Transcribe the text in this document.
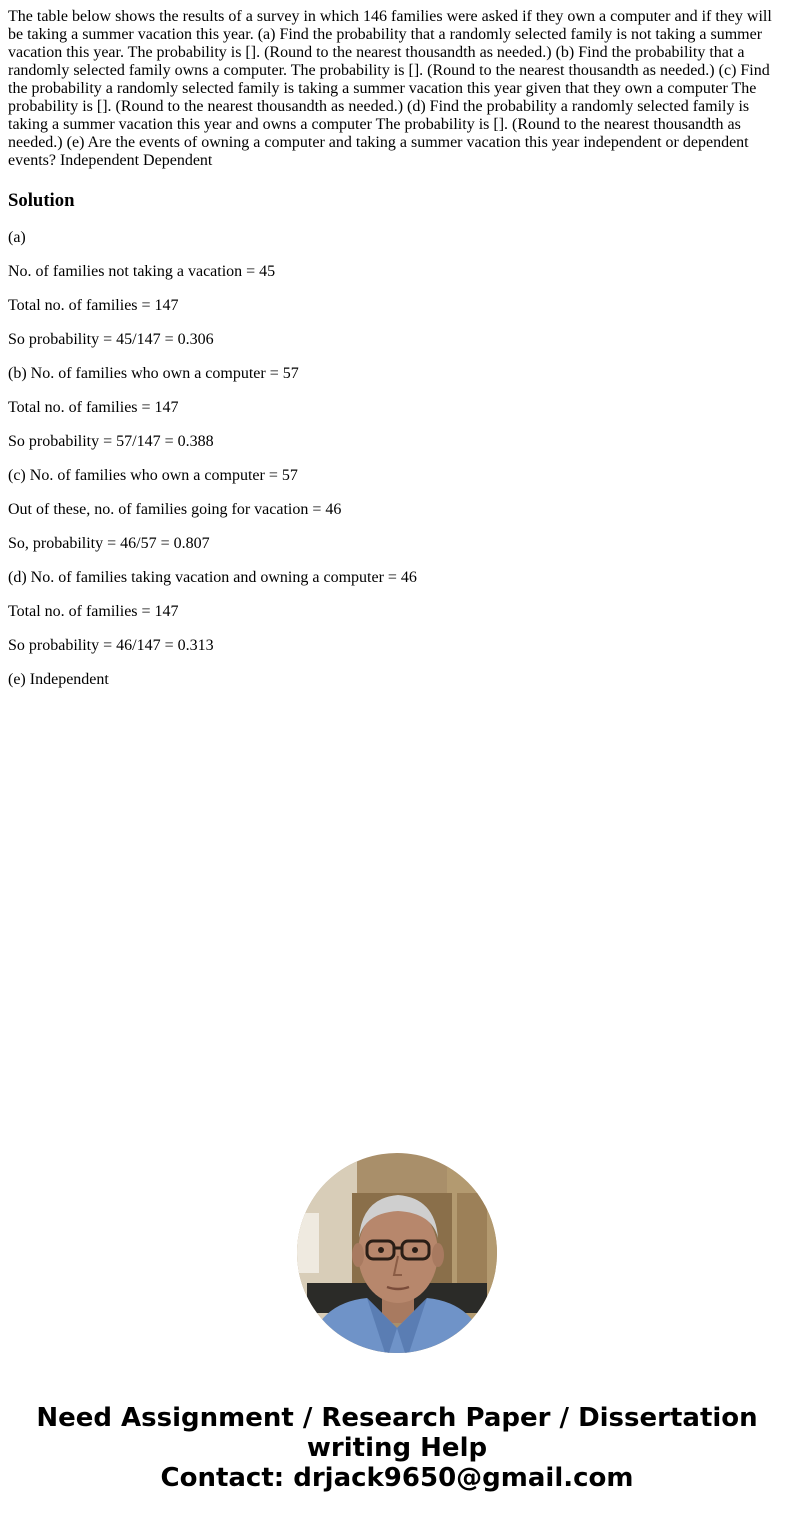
The table below shows the results of a survey in which 146 families were asked if they own a computer and if they will be taking a summer vacation this year. (a) Find the probability that a randomly selected family is not taking a summer vacation this year. The probability is []. (Round to the nearest thousandth as needed.) (b) Find the probability that a randomly selected family owns a computer. The probability is []. (Round to the nearest thousandth as needed.) (c) Find the probability a randomly selected family is taking a summer vacation this year given that they own a computer The probability is []. (Round to the nearest thousandth as needed.) (d) Find the probability a randomly selected family is taking a summer vacation this year and owns a computer The probability is []. (Round to the nearest thousandth as needed.) (e) Are the events of owning a computer and taking a summer vacation this year independent or dependent events? Independent Dependent

Solution

(a)

No. of families not taking a vacation = 45

Total no. of families = 147

So probability = 45/147 = 0.306

(b) No. of families who own a computer = 57

Total no. of families = 147

So probability = 57/147 = 0.388

(c) No. of families who own a computer = 57

Out of these, no. of families going for vacation = 46

So, probability = 46/57 = 0.807

(d) No. of families taking vacation and owning a computer = 46

Total no. of families = 147

So probability = 46/147 = 0.313

(e) Independent

Need Assignment / Research Paper / Dissertation
writing Help
Contact: drjack9650@gmail.com
